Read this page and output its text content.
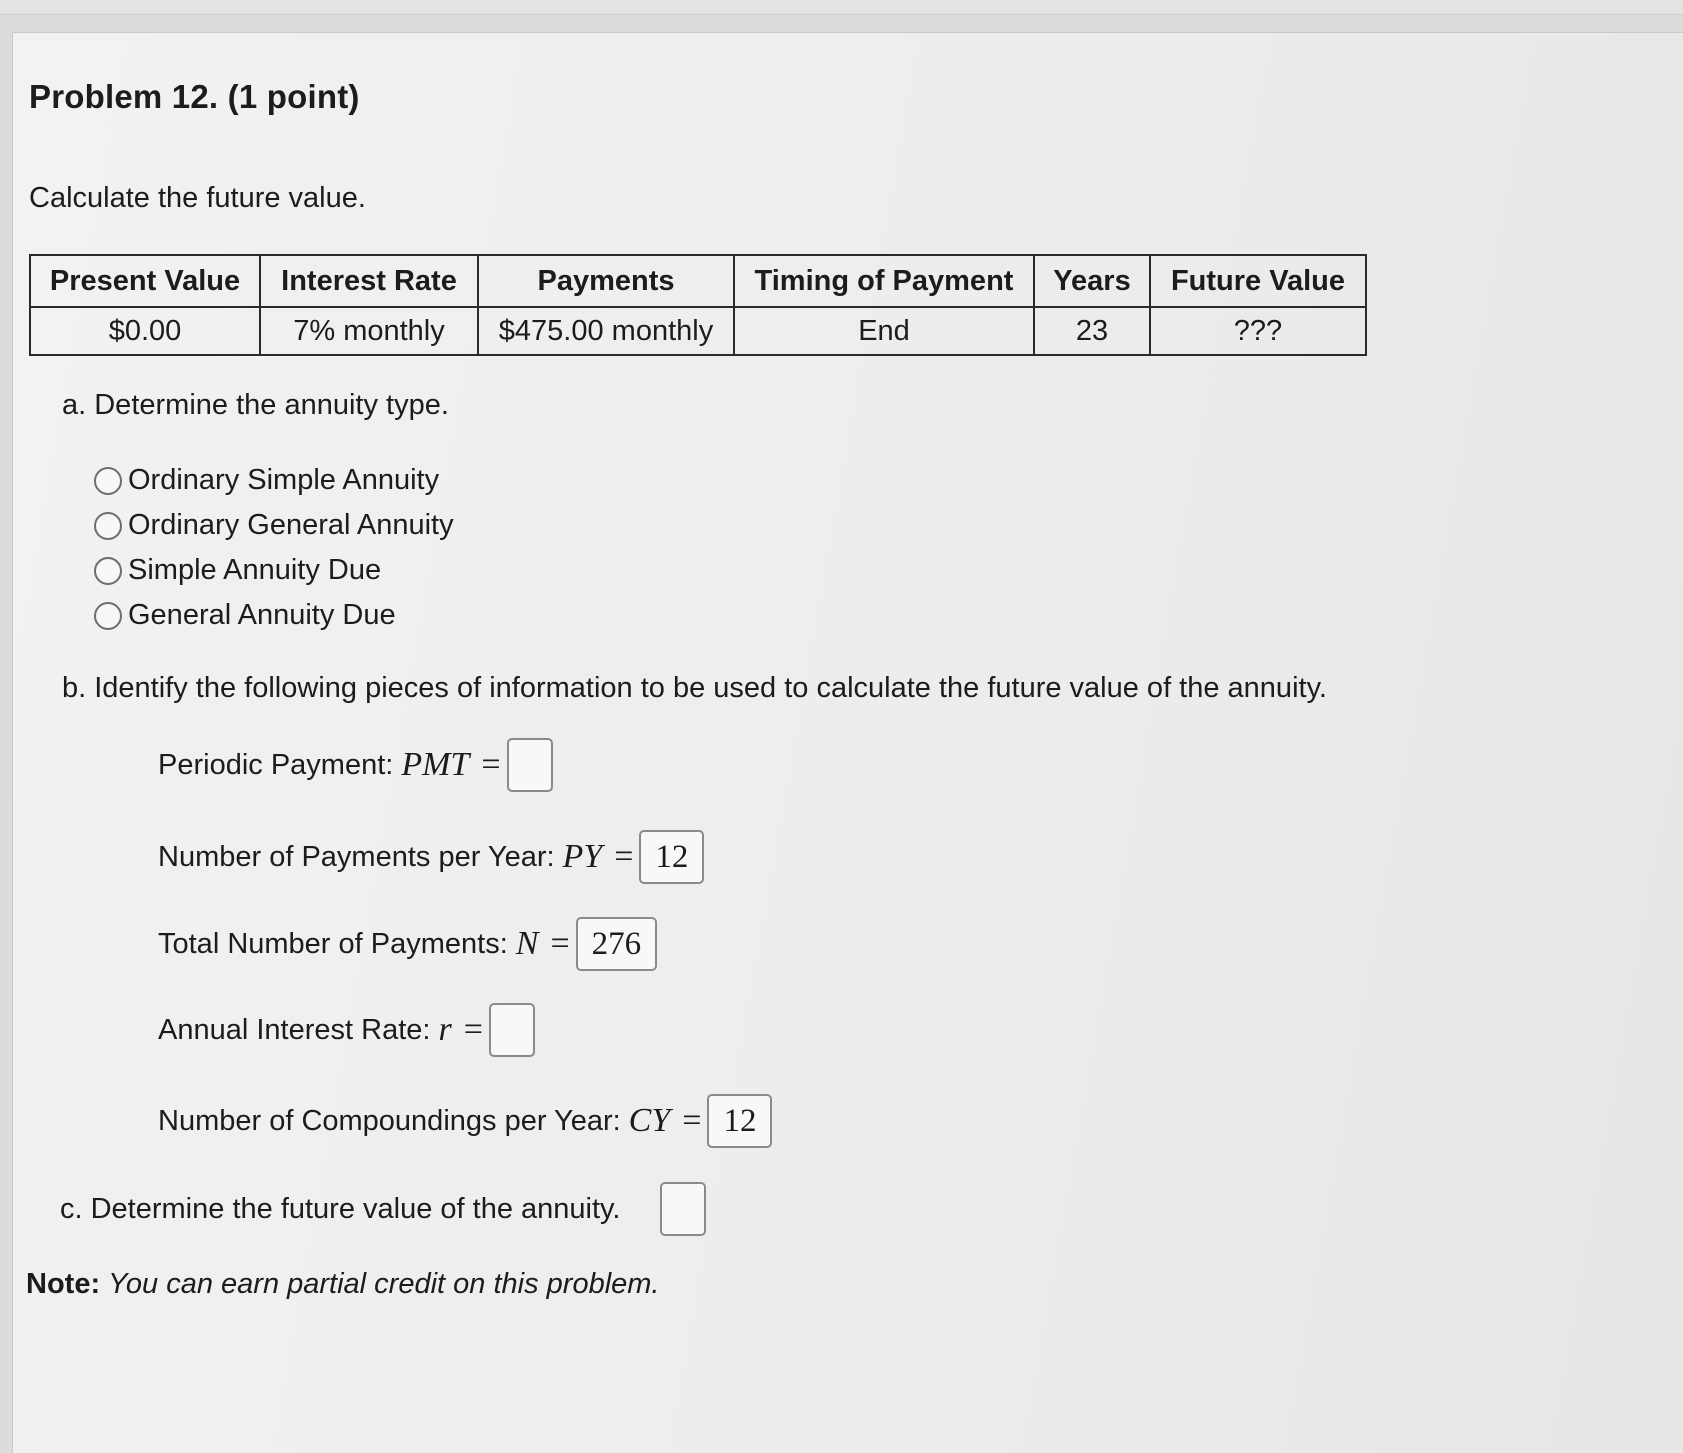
Problem 12. (1 point)
Calculate the future value.
Present Value	Interest Rate	Payments	Timing of Payment	Years	Future Value
$0.00	7% monthly	$475.00 monthly	End	23	???
a. Determine the annuity type.
Ordinary Simple Annuity
Ordinary General Annuity
Simple Annuity Due
General Annuity Due
b. Identify the following pieces of information to be used to calculate the future value of the annuity.
Periodic Payment: PMT =
Number of Payments per Year: PY = 12
Total Number of Payments: N = 276
Annual Interest Rate: r =
Number of Compoundings per Year: CY = 12
c. Determine the future value of the annuity.
Note: You can earn partial credit on this problem.
